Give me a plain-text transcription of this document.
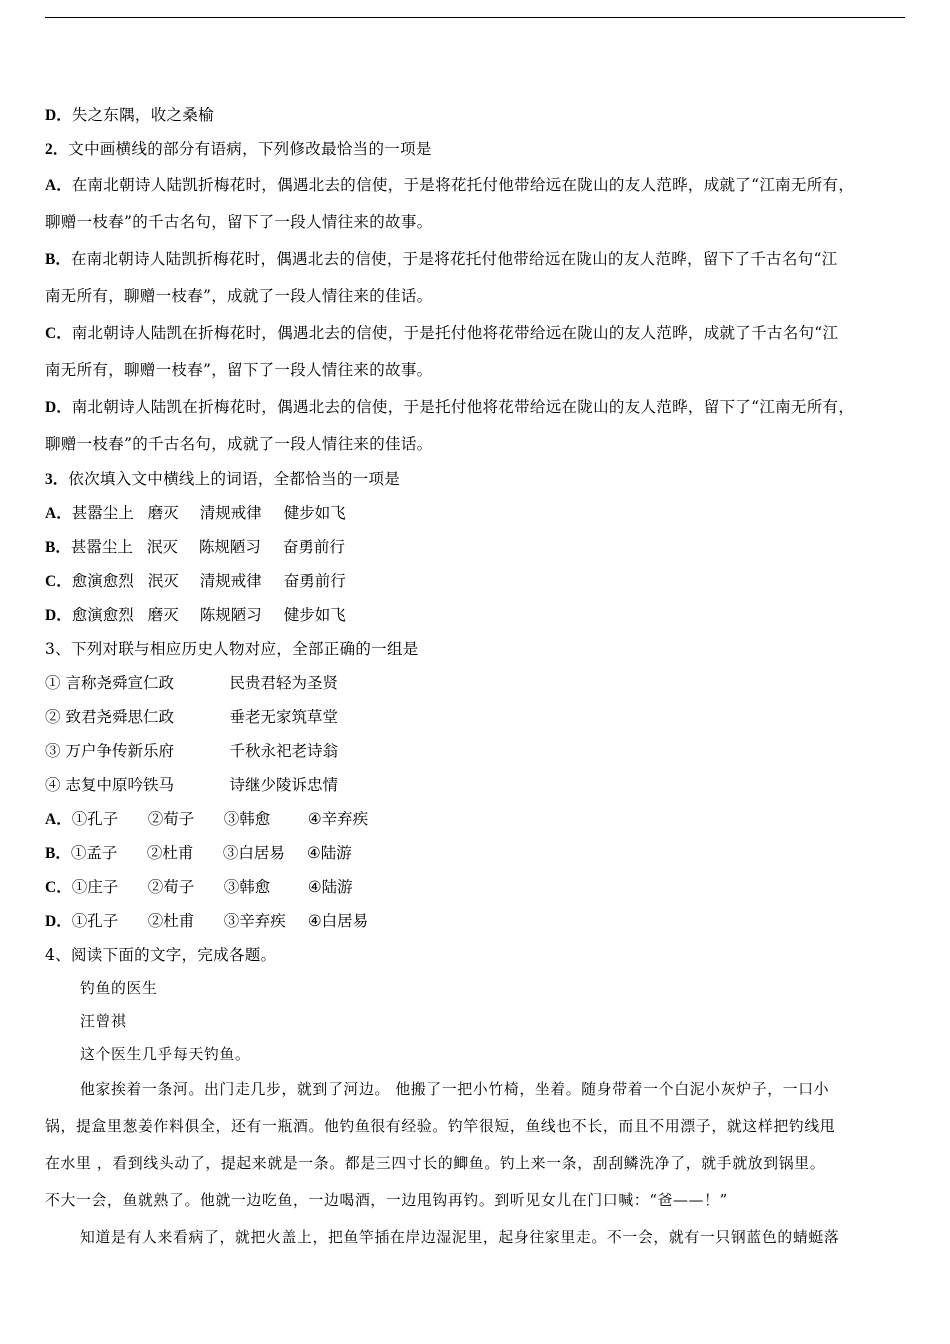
D．失之东隅，收之桑榆
2．文中画横线的部分有语病，下列修改最恰当的一项是
A．在南北朝诗人陆凯折梅花时，偶遇北去的信使，于是将花托付他带给远在陇山的友人范晔，成就了“江南无所有，
聊赠一枝春”的千古名句，留下了一段人情往来的故事。
B．在南北朝诗人陆凯折梅花时，偶遇北去的信使，于是将花托付他带给远在陇山的友人范晔，留下了千古名句“江
南无所有，聊赠一枝春”，成就了一段人情往来的佳话。
C．南北朝诗人陆凯在折梅花时，偶遇北去的信使，于是托付他将花带给远在陇山的友人范晔，成就了千古名句“江
南无所有，聊赠一枝春”，留下了一段人情往来的故事。
D．南北朝诗人陆凯在折梅花时，偶遇北去的信使，于是托付他将花带给远在陇山的友人范晔，留下了“江南无所有，
聊赠一枝春”的千古名句，成就了一段人情往来的佳话。
3．依次填入文中横线上的词语，全都恰当的一项是
A．甚嚣尘上 磨灭 清规戒律 健步如飞
B．甚嚣尘上 泯灭 陈规陋习 奋勇前行
C．愈演愈烈 泯灭 清规戒律 奋勇前行
D．愈演愈烈 磨灭 陈规陋习 健步如飞
3、下列对联与相应历史人物对应，全部正确的一组是
① 言称尧舜宣仁政	民贵君轻为圣贤
② 致君尧舜思仁政	垂老无家筑草堂
③ 万户争传新乐府	千秋永祀老诗翁
④ 志复中原吟铁马	诗继少陵诉忠情
A．①孔子 ②荀子 ③韩愈 ④辛弃疾
B．①孟子 ②杜甫 ③白居易 ④陆游
C．①庄子 ②荀子 ③韩愈 ④陆游
D．①孔子 ②杜甫 ③辛弃疾 ④白居易
4、阅读下面的文字，完成各题。
钓鱼的医生
汪曾祺
这个医生几乎每天钓鱼。
他家挨着一条河。出门走几步，就到了河边。 他搬了一把小竹椅，坐着。随身带着一个白泥小灰炉子，一口小
锅，提盒里葱姜作料俱全，还有一瓶酒。他钓鱼很有经验。钓竿很短，鱼线也不长，而且不用漂子，就这样把钓线甩
在水里 ，看到线头动了，提起来就是一条。都是三四寸长的鲫鱼。钓上来一条，刮刮鳞洗净了，就手就放到锅里。
不大一会，鱼就熟了。他就一边吃鱼，一边喝酒，一边甩钩再钓。到听见女儿在门口喊：“爸——！”
知道是有人来看病了，就把火盖上，把鱼竿插在岸边湿泥里，起身往家里走。不一会，就有一只钢蓝色的蜻蜓落
